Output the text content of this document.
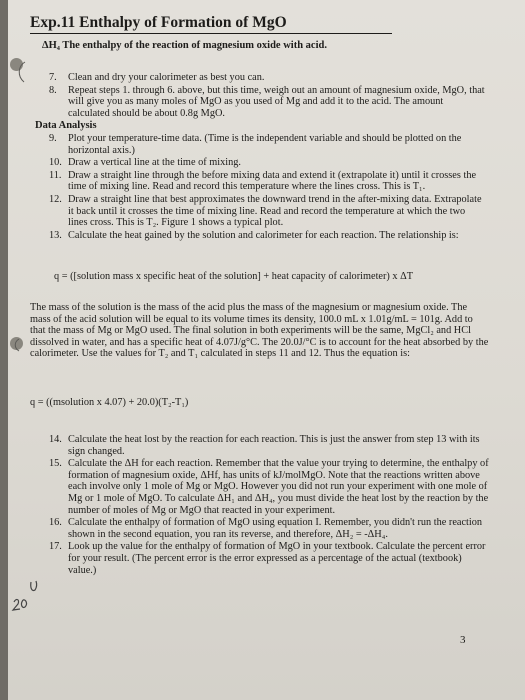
Exp.11 Enthalpy of Formation of MgO
ΔH₄ The enthalpy of the reaction of magnesium oxide with acid.
7. Clean and dry your calorimeter as best you can.
8. Repeat steps 1. through 6. above, but this time, weigh out an amount of magnesium oxide, MgO, that will give you as many moles of MgO as you used of Mg and add it to the acid. The amount calculated should be about 0.8g MgO.
Data Analysis
9. Plot your temperature-time data. (Time is the independent variable and should be plotted on the horizontal axis.)
10. Draw a vertical line at the time of mixing.
11. Draw a straight line through the before mixing data and extend it (extrapolate it) until it crosses the time of mixing line. Read and record this temperature where the lines cross. This is T₁.
12. Draw a straight line that best approximates the downward trend in the after-mixing data. Extrapolate it back until it crosses the time of mixing line. Read and record the temperature at which the two lines cross. This is T₂. Figure 1 shows a typical plot.
13. Calculate the heat gained by the solution and calorimeter for each reaction. The relationship is:
q = ([solution mass x specific heat of the solution] + heat capacity of calorimeter) x ΔT
The mass of the solution is the mass of the acid plus the mass of the magnesium or magnesium oxide. The mass of the acid solution will be equal to its volume times its density, 100.0 mL x 1.01g/mL = 101g. Add to that the mass of Mg or MgO used. The final solution in both experiments will be the same, MgCl₂ and HCl dissolved in water, and has a specific heat of 4.07J/g°C. The 20.0J/°C is to account for the heat absorbed by the calorimeter. Use the values for T₂ and T₁ calculated in steps 11 and 12. Thus the equation is:
q = ((msolution x 4.07) + 20.0)(T₂-T₁)
14. Calculate the heat lost by the reaction for each reaction. This is just the answer from step 13 with its sign changed.
15. Calculate the ΔH for each reaction. Remember that the value your trying to determine, the enthalpy of formation of magnesium oxide, ΔHf, has units of kJ/molMgO. Note that the reactions written above each involve only 1 mole of Mg or MgO. However you did not run your experiment with one mole of Mg or 1 mole of MgO. To calculate ΔH₁ and ΔH₄, you must divide the heat lost by the reaction by the number of moles of Mg or MgO that reacted in your experiment.
16. Calculate the enthalpy of formation of MgO using equation I. Remember, you didn't run the reaction shown in the second equation, you ran its reverse, and therefore, ΔH₂ = -ΔH₄.
17. Look up the value for the enthalpy of formation of MgO in your textbook. Calculate the percent error for your result. (The percent error is the error expressed as a percentage of the actual (textbook) value.)
3
